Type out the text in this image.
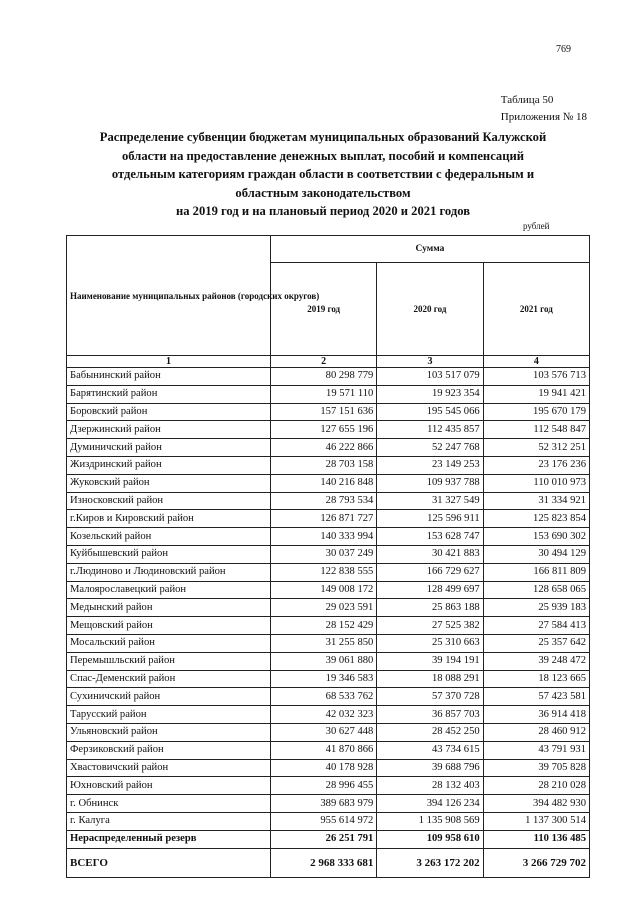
769
Таблица 50
Приложения № 18
Распределение субвенции бюджетам муниципальных образований Калужской
области на предоставление денежных выплат, пособий и компенсаций
отдельным категориям граждан области в соответствии с федеральным и
областным законодательством
на 2019 год и на плановый период 2020 и 2021 годов
рублей
Наименование муниципальных районов (городских округов)	Сумма		
	2019 год	2020 год	2021 год
1	2	3	4
Бабынинский район	80 298 779	103 517 079	103 576 713
Барятинский район	19 571 110	19 923 354	19 941 421
Боровский район	157 151 636	195 545 066	195 670 179
Дзержинский район	127 655 196	112 435 857	112 548 847
Думиничский район	46 222 866	52 247 768	52 312 251
Жиздринский район	28 703 158	23 149 253	23 176 236
Жуковский район	140 216 848	109 937 788	110 010 973
Износковский район	28 793 534	31 327 549	31 334 921
г.Киров и Кировский район	126 871 727	125 596 911	125 823 854
Козельский район	140 333 994	153 628 747	153 690 302
Куйбышевский район	30 037 249	30 421 883	30 494 129
г.Людиново и Людиновский район	122 838 555	166 729 627	166 811 809
Малоярославецкий район	149 008 172	128 499 697	128 658 065
Медынский район	29 023 591	25 863 188	25 939 183
Мещовский район	28 152 429	27 525 382	27 584 413
Мосальский район	31 255 850	25 310 663	25 357 642
Перемышльский район	39 061 880	39 194 191	39 248 472
Спас-Деменский район	19 346 583	18 088 291	18 123 665
Сухиничский район	68 533 762	57 370 728	57 423 581
Тарусский район	42 032 323	36 857 703	36 914 418
Ульяновский район	30 627 448	28 452 250	28 460 912
Ферзиковский район	41 870 866	43 734 615	43 791 931
Хвастовичский район	40 178 928	39 688 796	39 705 828
Юхновский район	28 996 455	28 132 403	28 210 028
г. Обнинск	389 683 979	394 126 234	394 482 930
г. Калуга	955 614 972	1 135 908 569	1 137 300 514
Нераспределенный резерв	26 251 791	109 958 610	110 136 485
ВСЕГО	2 968 333 681	3 263 172 202	3 266 729 702
